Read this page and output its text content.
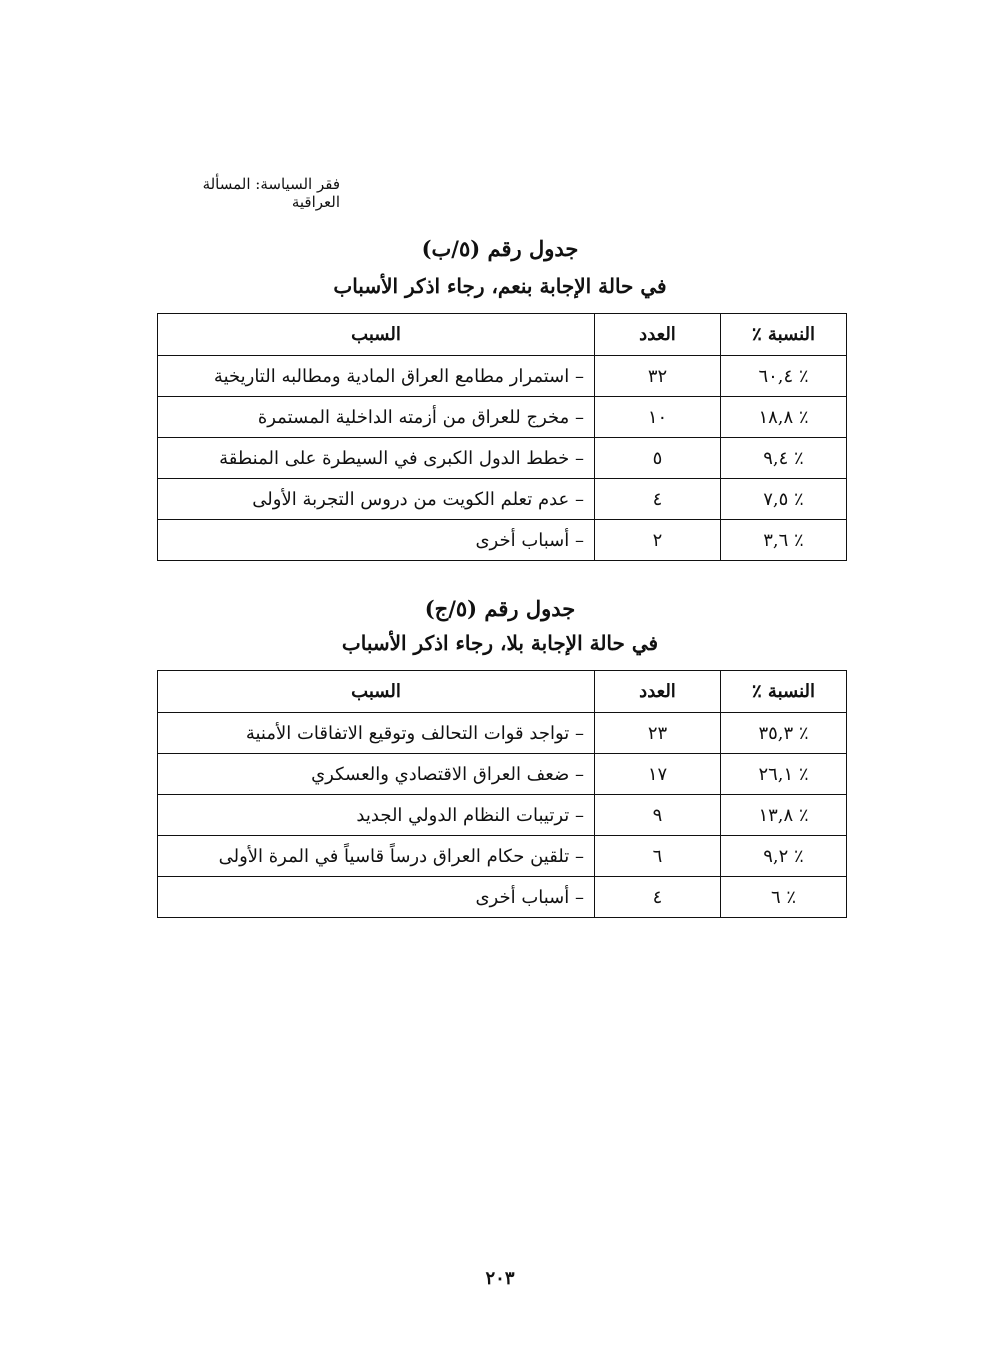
فقر السياسة: المسألة العراقية
جدول رقم (٥/ب)
في حالة الإجابة بنعم، رجاء اذكر الأسباب
النسبة ٪	العدد	السبب
٪ ٦٠,٤	٣٢	– استمرار مطامع العراق المادية ومطالبه التاريخية
٪ ١٨,٨	١٠	– مخرج للعراق من أزمته الداخلية المستمرة
٪ ٩,٤	٥	– خطط الدول الكبرى في السيطرة على المنطقة
٪ ٧,٥	٤	– عدم تعلم الكويت من دروس التجربة الأولى
٪ ٣,٦	٢	– أسباب أخرى
جدول رقم (٥/ج)
في حالة الإجابة بلا، رجاء اذكر الأسباب
النسبة ٪	العدد	السبب
٪ ٣٥,٣	٢٣	– تواجد قوات التحالف وتوقيع الاتفاقات الأمنية
٪ ٢٦,١	١٧	– ضعف العراق الاقتصادي والعسكري
٪ ١٣,٨	٩	– ترتيبات النظام الدولي الجديد
٪ ٩,٢	٦	– تلقين حكام العراق درساً قاسياً في المرة الأولى
٪ ٦	٤	– أسباب أخرى
٢٠٣
